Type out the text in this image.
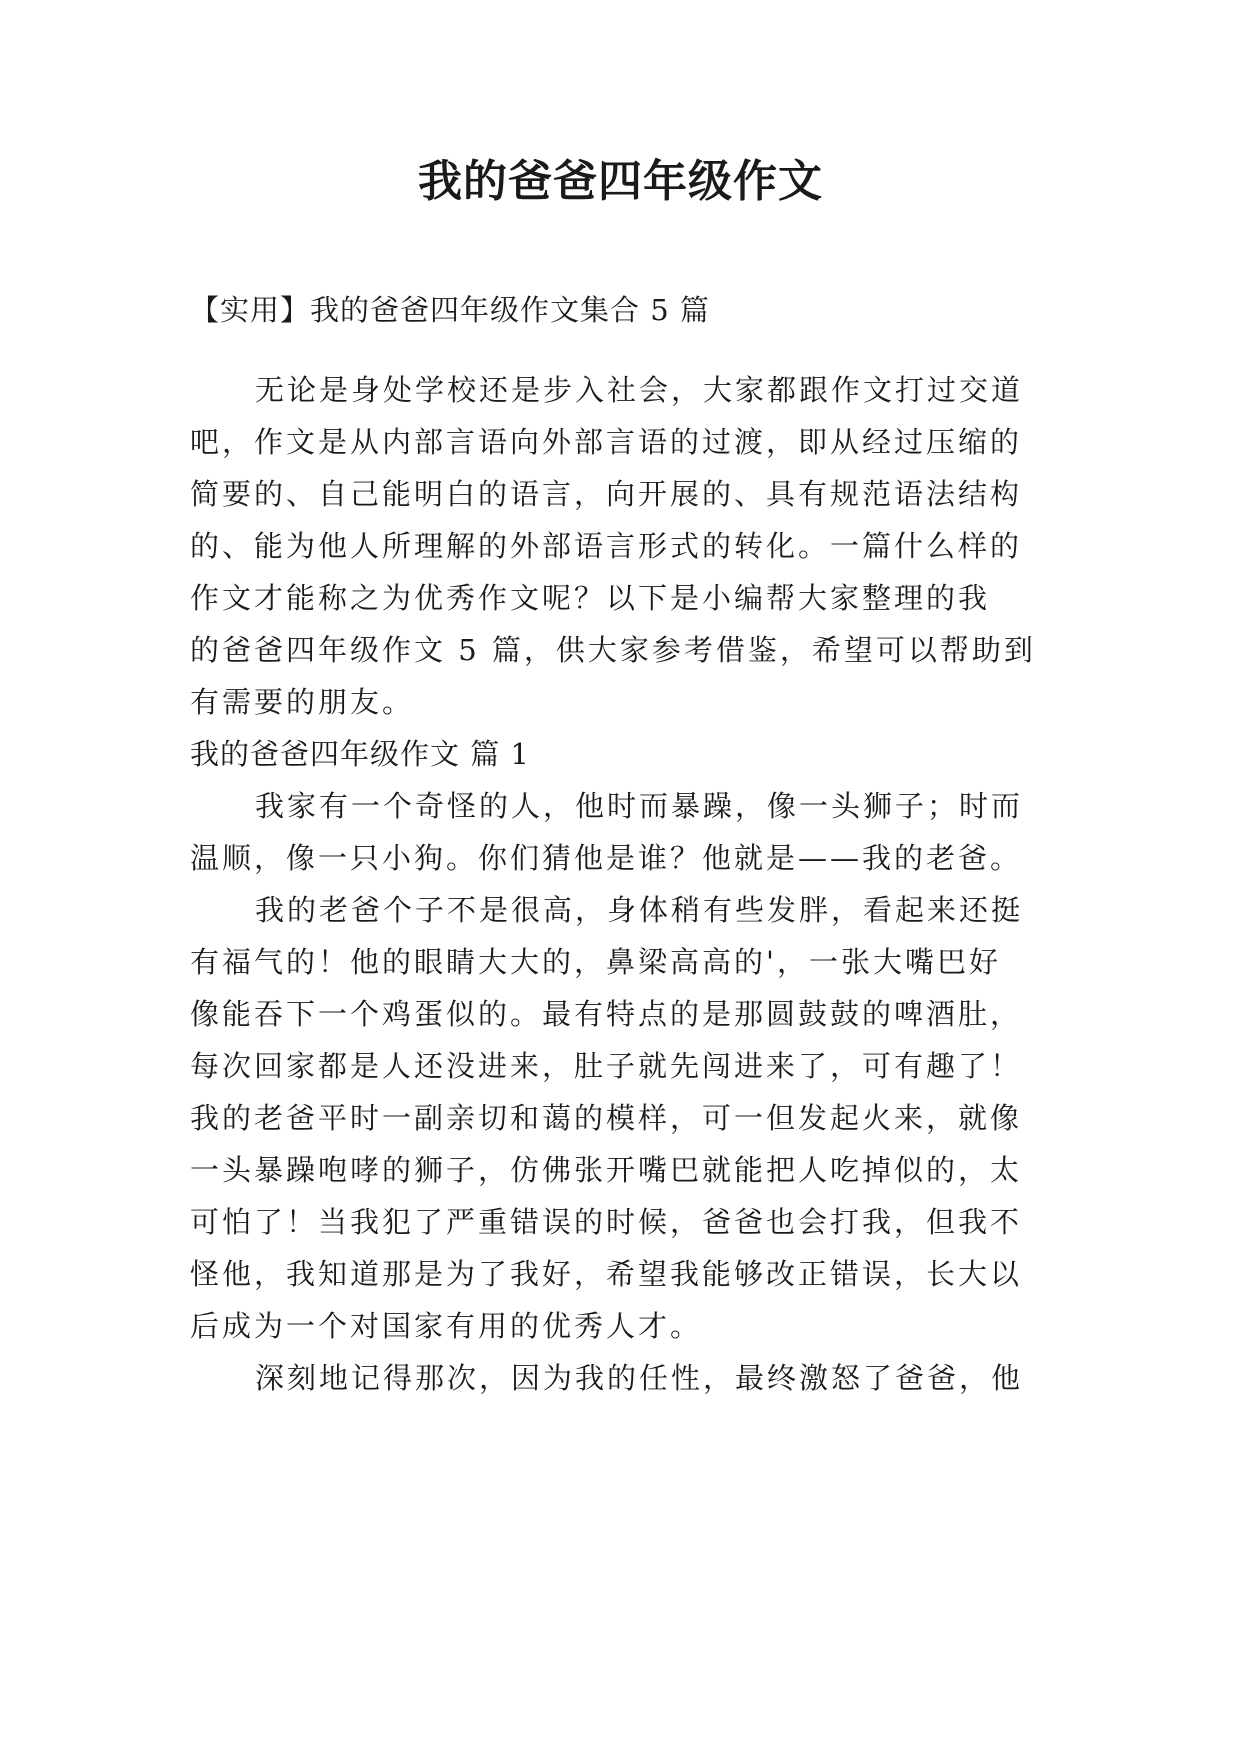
我的爸爸四年级作文

【实用】我的爸爸四年级作文集合 5 篇

无论是身处学校还是步入社会，大家都跟作文打过交道

吧，作文是从内部言语向外部言语的过渡，即从经过压缩的

简要的、自己能明白的语言，向开展的、具有规范语法结构

的、能为他人所理解的外部语言形式的转化。一篇什么样的

作文才能称之为优秀作文呢？以下是小编帮大家整理的我

的爸爸四年级作文 5 篇，供大家参考借鉴，希望可以帮助到

有需要的朋友。

我的爸爸四年级作文 篇 1

我家有一个奇怪的人，他时而暴躁，像一头狮子；时而

温顺，像一只小狗。你们猜他是谁？他就是——我的老爸。

我的老爸个子不是很高，身体稍有些发胖，看起来还挺

有福气的！他的眼睛大大的，鼻梁高高的'，一张大嘴巴好

像能吞下一个鸡蛋似的。最有特点的是那圆鼓鼓的啤酒肚，

每次回家都是人还没进来，肚子就先闯进来了，可有趣了！

我的老爸平时一副亲切和蔼的模样，可一但发起火来，就像

一头暴躁咆哮的狮子，仿佛张开嘴巴就能把人吃掉似的，太

可怕了！当我犯了严重错误的时候，爸爸也会打我，但我不

怪他，我知道那是为了我好，希望我能够改正错误，长大以

后成为一个对国家有用的优秀人才。

深刻地记得那次，因为我的任性，最终激怒了爸爸，他
